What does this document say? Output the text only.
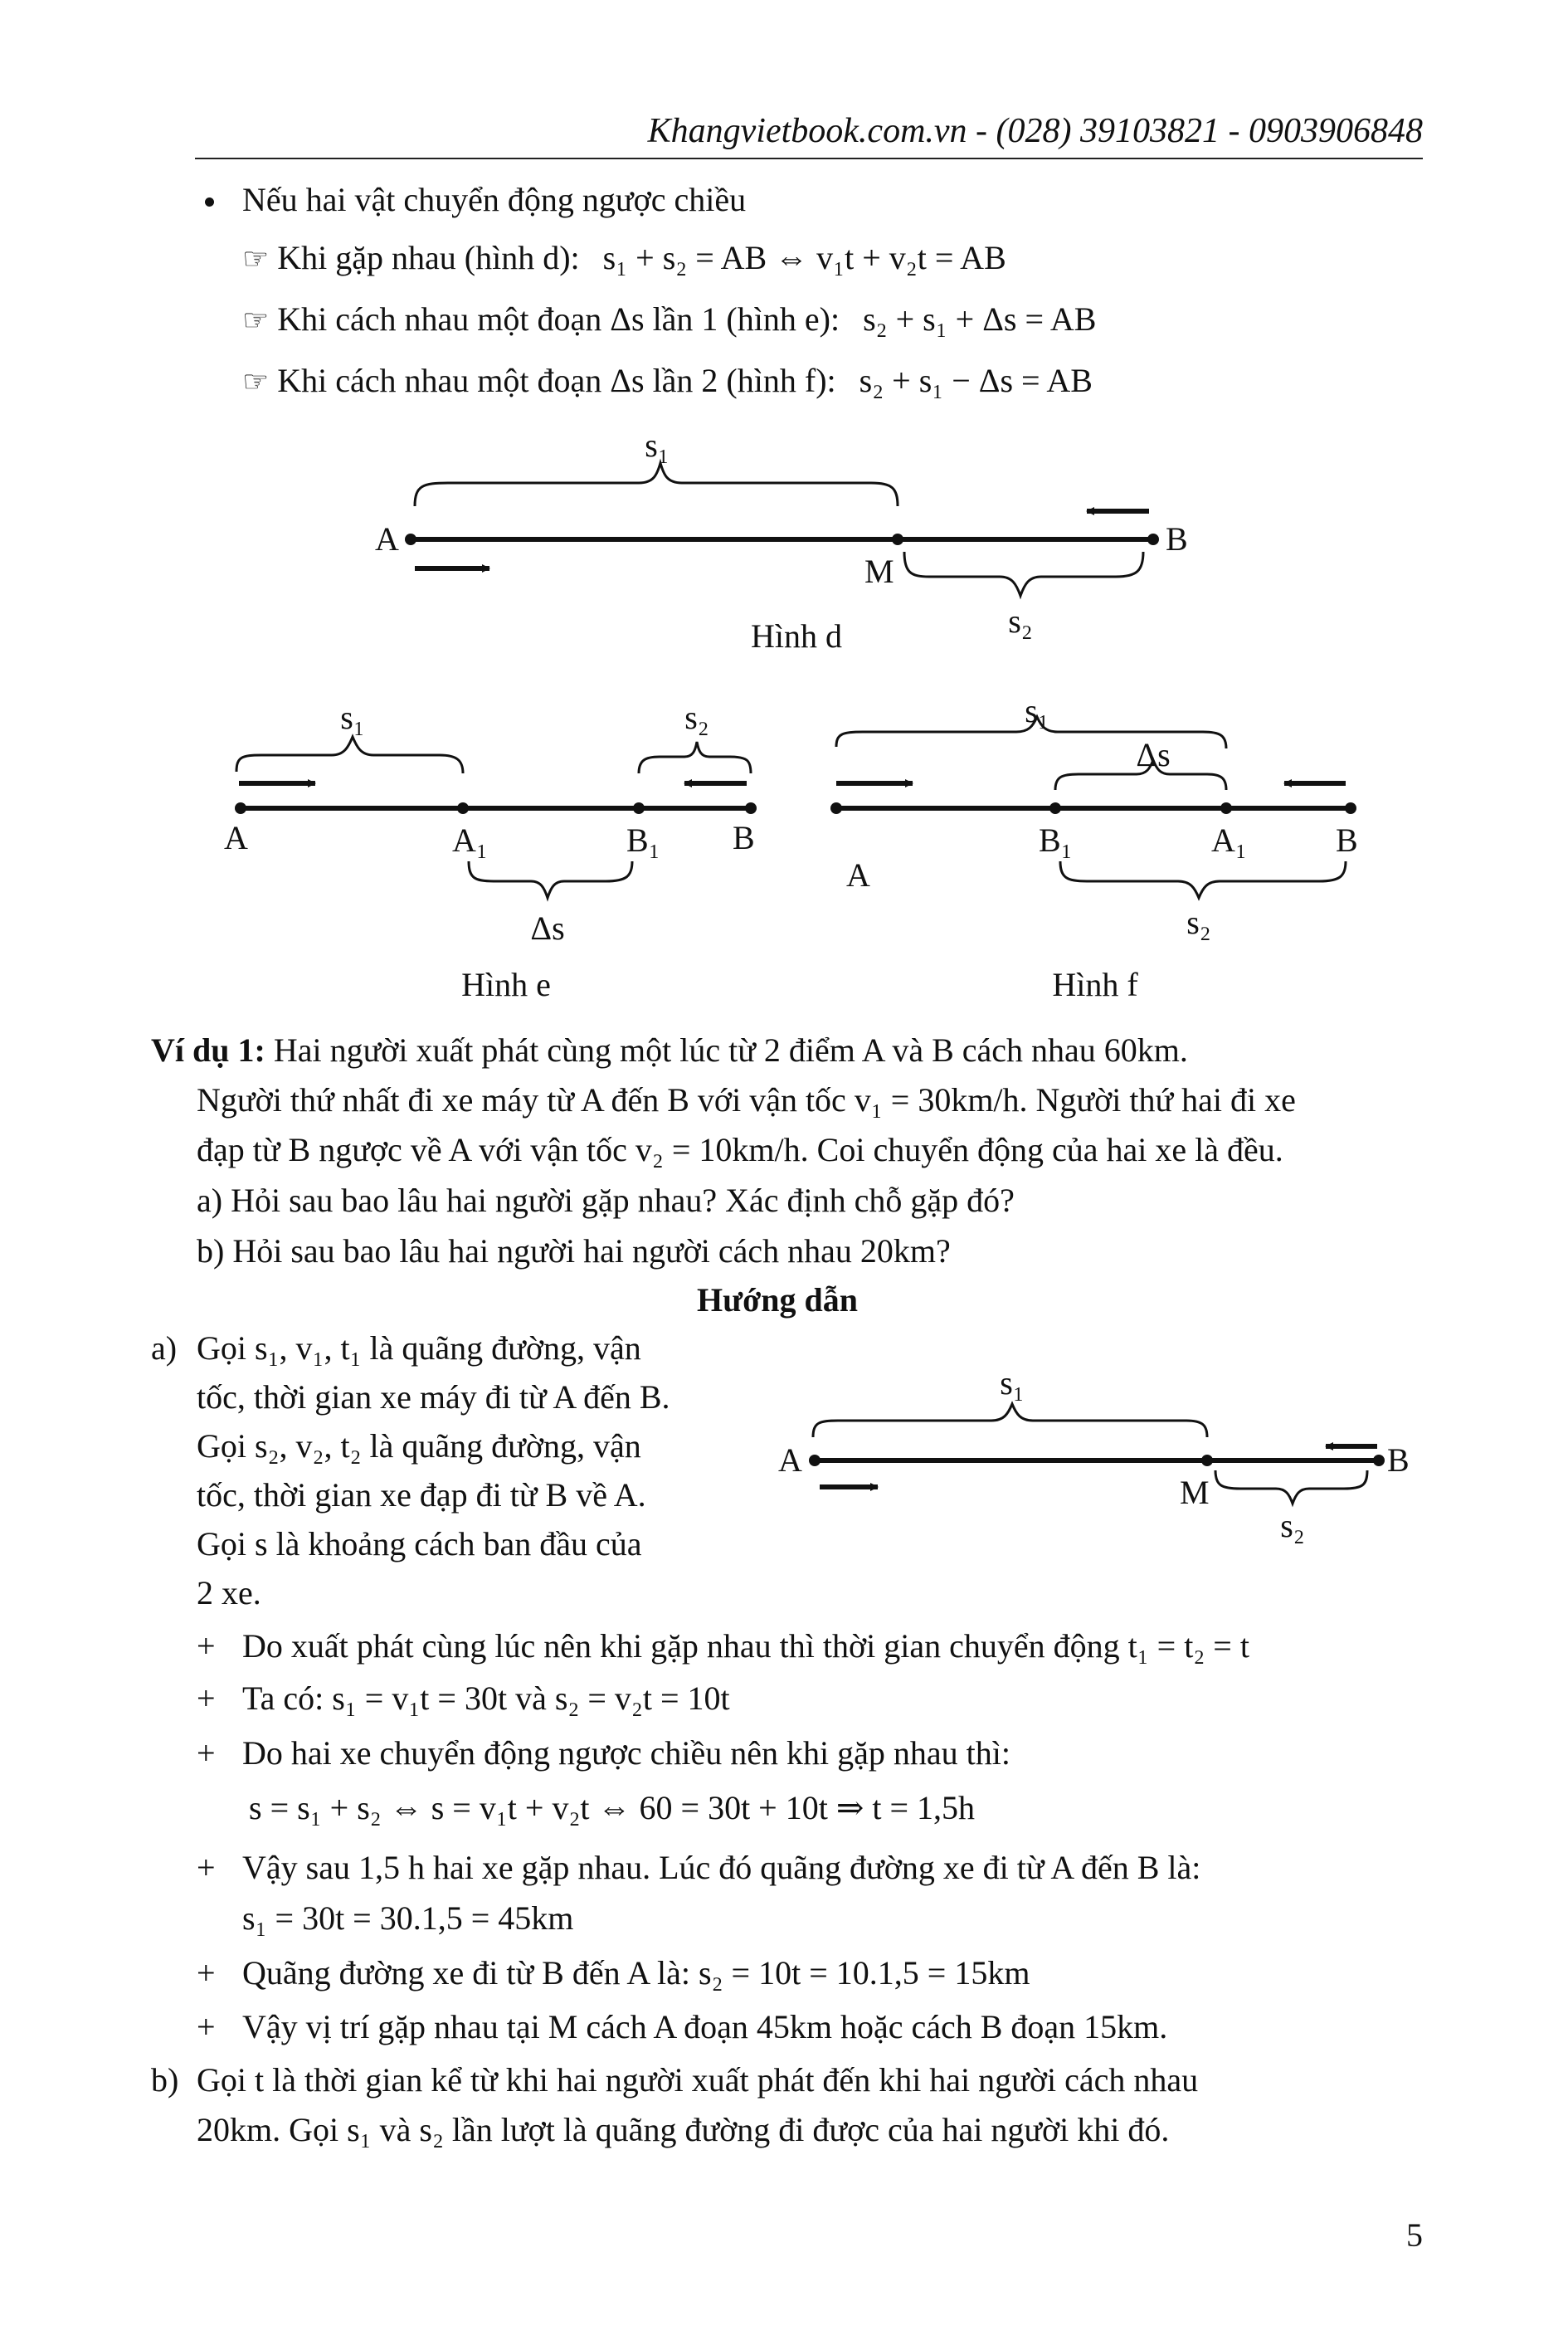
Khangvietbook.com.vn - (028) 39103821 - 0903906848
Nếu hai vật chuyển động ngược chiều
☞ Khi gặp nhau (hình d): s₁ + s₂ = AB ⇔ v₁t + v₂t = AB
☞ Khi cách nhau một đoạn Δs lần 1 (hình e): s₂ + s₁ + Δs = AB
☞ Khi cách nhau một đoạn Δs lần 2 (hình f): s₂ + s₁ − Δs = AB
s₁
A	B
M
s₂
Hình d
s₁	s₂
A	A₁	B₁ B
Δs
Hình e
s₁
Δs
A
B₁	A₁	B
s₂
Hình f
Ví dụ 1: Hai người xuất phát cùng một lúc từ 2 điểm A và B cách nhau 60km.
Người thứ nhất đi xe máy từ A đến B với vận tốc v₁ = 30km/h. Người thứ hai đi xe
đạp từ B ngược về A với vận tốc v₂ = 10km/h. Coi chuyển động của hai xe là đều.
a) Hỏi sau bao lâu hai người gặp nhau? Xác định chỗ gặp đó?
b) Hỏi sau bao lâu hai người hai người cách nhau 20km?
Hướng dẫn
a) Gọi s₁, v₁, t₁ là quãng đường, vận
tốc, thời gian xe máy đi từ A đến B.
Gọi s₂, v₂, t₂ là quãng đường, vận
tốc, thời gian xe đạp đi từ B về A.
Gọi s là khoảng cách ban đầu của
2 xe.
s₁
A	B
M
s₂
+ Do xuất phát cùng lúc nên khi gặp nhau thì thời gian chuyển động t₁ = t₂ = t
+ Ta có: s₁ = v₁t = 30t và s₂ = v₂t = 10t
+ Do hai xe chuyển động ngược chiều nên khi gặp nhau thì:
s = s₁ + s₂ ⇔ s = v₁t + v₂t ⇔ 60 = 30t + 10t ⇒ t = 1,5h
+ Vậy sau 1,5 h hai xe gặp nhau. Lúc đó quãng đường xe đi từ A đến B là:
s₁ = 30t = 30.1,5 = 45km
+ Quãng đường xe đi từ B đến A là: s₂ = 10t = 10.1,5 = 15km
+ Vậy vị trí gặp nhau tại M cách A đoạn 45km hoặc cách B đoạn 15km.
b) Gọi t là thời gian kể từ khi hai người xuất phát đến khi hai người cách nhau
20km. Gọi s₁ và s₂ lần lượt là quãng đường đi được của hai người khi đó.
5
